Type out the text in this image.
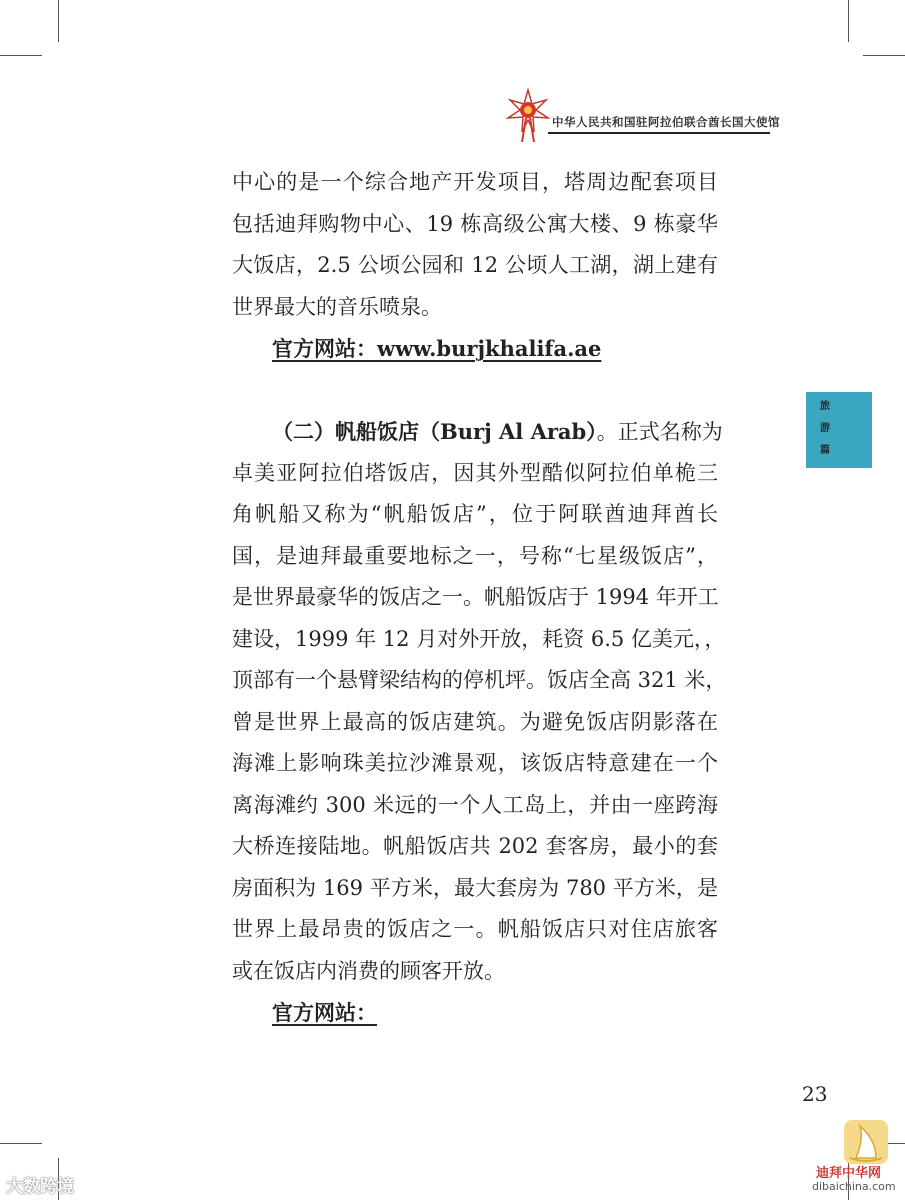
中华人民共和国驻阿拉伯联合酋长国大使馆
旅游篇
中心的是一个综合地产开发项目，塔周边配套项目
包括迪拜购物中心、19 栋高级公寓大楼、9 栋豪华
大饭店，2.5 公顷公园和 12 公顷人工湖，湖上建有
世界最大的音乐喷泉。
官方网站：www.burjkhalifa.ae
（二）帆船饭店（Burj Al Arab）。正式名称为
卓美亚阿拉伯塔饭店，因其外型酷似阿拉伯单桅三
角帆船又称为“帆船饭店”，位于阿联酋迪拜酋长
国，是迪拜最重要地标之一，号称“七星级饭店”，
是世界最豪华的饭店之一。帆船饭店于 1994 年开工
建设，1999 年 12 月对外开放，耗资 6.5 亿美元，，
顶部有一个悬臂梁结构的停机坪。饭店全高 321 米，
曾是世界上最高的饭店建筑。为避免饭店阴影落在
海滩上影响珠美拉沙滩景观，该饭店特意建在一个
离海滩约 300 米远的一个人工岛上，并由一座跨海
大桥连接陆地。帆船饭店共 202 套客房，最小的套
房面积为 169 平方米，最大套房为 780 平方米，是
世界上最昂贵的饭店之一。帆船饭店只对住店旅客
或在饭店内消费的顾客开放。
官方网站：
23
大数跨境
迪拜中华网
dibaichina.com
